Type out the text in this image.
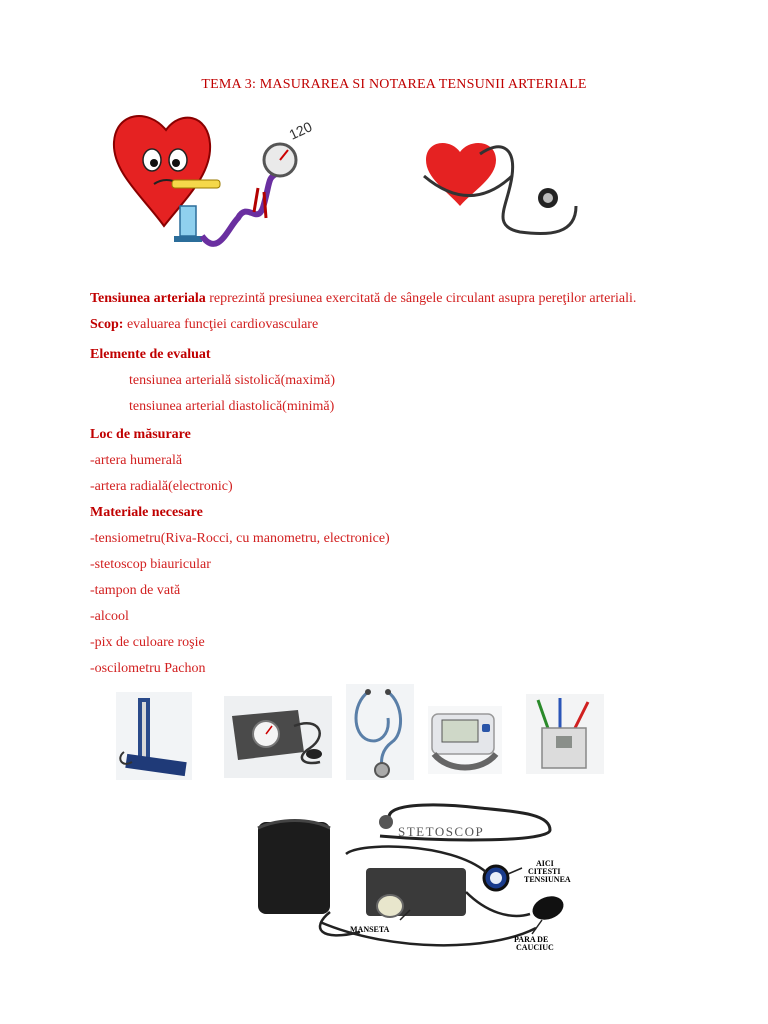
TEMA 3: MASURAREA SI NOTAREA TENSUNII ARTERIALE
120
Tensiunea arteriala reprezintă presiunea exercitată de sângele circulant asupra pereţilor arteriali.
Scop: evaluarea funcţiei cardiovasculare
Elemente de evaluat
tensiunea arterială sistolică(maximă)
tensiunea arterial diastolică(minimă)
Loc de măsurare
-artera humerală
-artera radială(electronic)
Materiale necesare
-tensiometru(Riva-Rocci, cu manometru, electronice)
-stetoscop biauricular
-tampon de vată
-alcool
-pix de culoare roşie
-oscilometru Pachon
STETOSCOP
MANSETA
AICI
CITESTI
TENSIUNEA
PARA DE
CAUCIUC
